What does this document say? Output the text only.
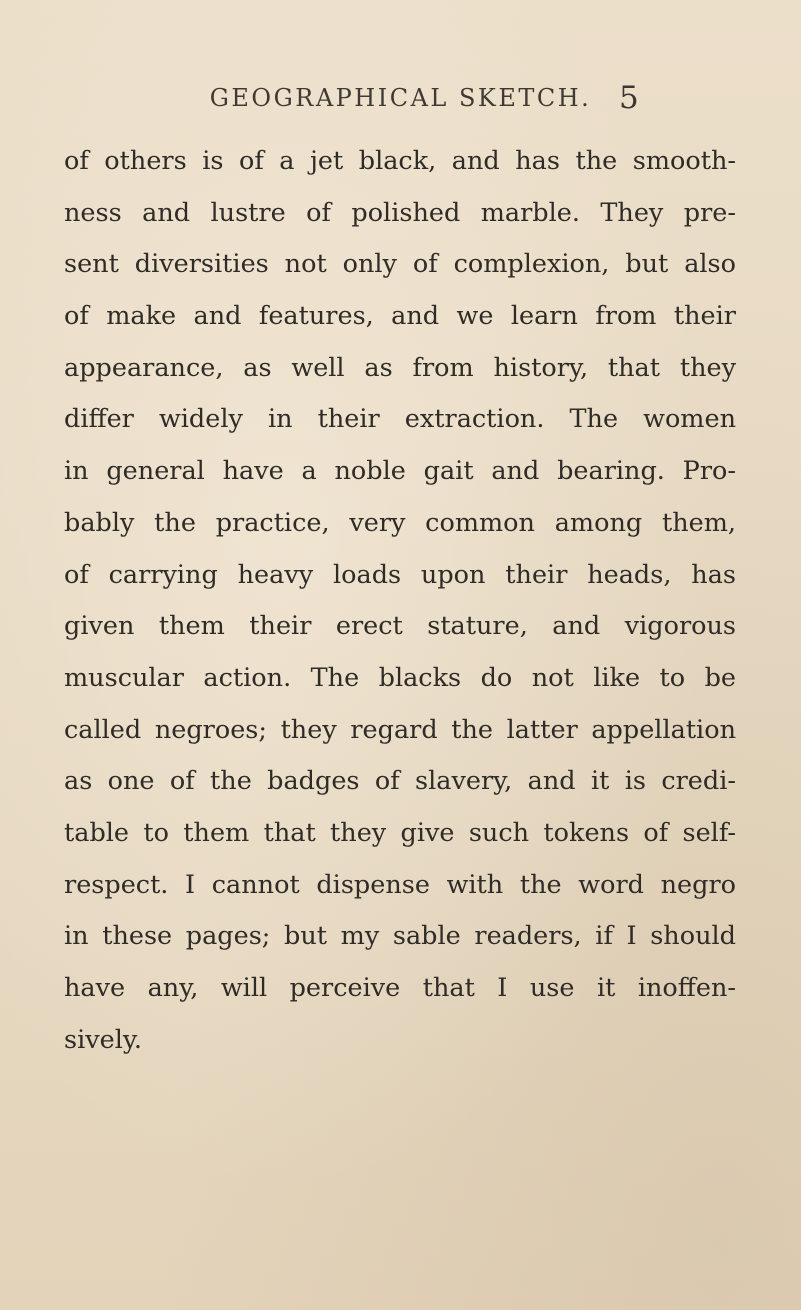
GEOGRAPHICAL SKETCH. 5
of others is of a jet black, and has the smooth-
ness and lustre of polished marble. They pre-
sent diversities not only of complexion, but also
of make and features, and we learn from their
appearance, as well as from history, that they
differ widely in their extraction. The women
in general have a noble gait and bearing. Pro-
bably the practice, very common among them,
of carrying heavy loads upon their heads, has
given them their erect stature, and vigorous
muscular action. The blacks do not like to be
called negroes; they regard the latter appellation
as one of the badges of slavery, and it is credi-
table to them that they give such tokens of self-
respect. I cannot dispense with the word negro
in these pages; but my sable readers, if I should
have any, will perceive that I use it inoffen-
sively.
